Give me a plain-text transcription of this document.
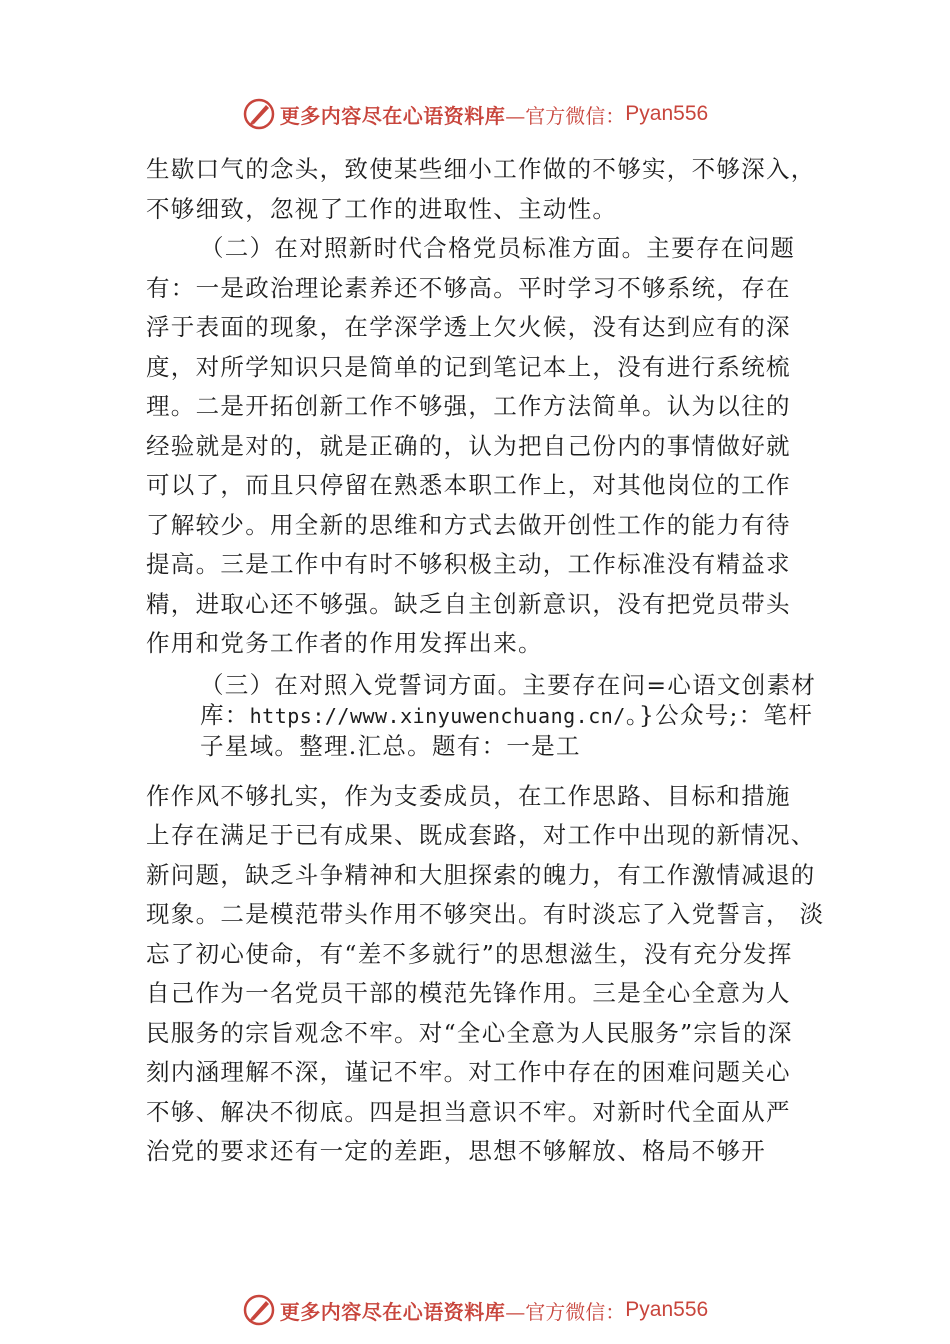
更多内容尽在心语资料库 —官方微信： Pyan556

生歇口气的念头，致使某些细小工作做的不够实，不够深入，

不够细致，忽视了工作的进取性、主动性。

（二）在对照新时代合格党员标准方面。主要存在问题

有：一是政治理论素养还不够高。平时学习不够系统，存在

浮于表面的现象，在学深学透上欠火候，没有达到应有的深

度，对所学知识只是简单的记到笔记本上，没有进行系统梳

理。二是开拓创新工作不够强，工作方法简单。认为以往的

经验就是对的，就是正确的，认为把自己份内的事情做好就

可以了，而且只停留在熟悉本职工作上，对其他岗位的工作

了解较少。用全新的思维和方式去做开创性工作的能力有待

提高。三是工作中有时不够积极主动，工作标准没有精益求

精，进取心还不够强。缺乏自主创新意识，没有把党员带头

作用和党务工作者的作用发挥出来。

（三）在对照入党誓词方面。主要存在问=心语文创素材

库：https://www.xinyuwenchuang.cn/。}公众号;：笔杆

子星域。整理.汇总。题有：一是工

作作风不够扎实，作为支委成员，在工作思路、目标和措施

上存在满足于已有成果、既成套路，对工作中出现的新情况、

新问题，缺乏斗争精神和大胆探索的魄力，有工作激情减退的

现象。二是模范带头作用不够突出。有时淡忘了入党誓言， 淡

忘了初心使命，有“差不多就行”的思想滋生，没有充分发挥

自己作为一名党员干部的模范先锋作用。三是全心全意为人

民服务的宗旨观念不牢。对“全心全意为人民服务”宗旨的深

刻内涵理解不深，谨记不牢。对工作中存在的困难问题关心

不够、解决不彻底。四是担当意识不牢。对新时代全面从严

治党的要求还有一定的差距，思想不够解放、格局不够开

更多内容尽在心语资料库 —官方微信： Pyan556
